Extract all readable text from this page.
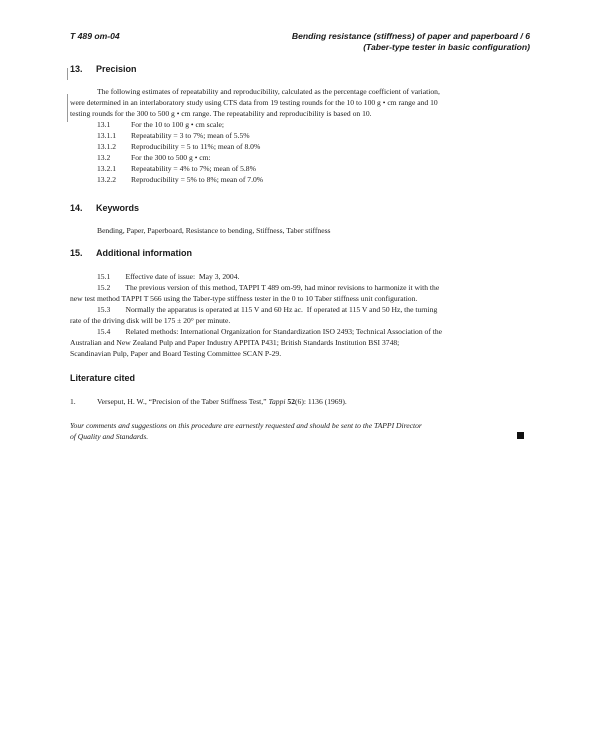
T 489 om-04	Bending resistance (stiffness) of paper and paperboard / 6
(Taber-type tester in basic configuration)
13. Precision
The following estimates of repeatability and reproducibility, calculated as the percentage coefficient of variation,
were determined in an interlaboratory study using CTS data from 19 testing rounds for the 10 to 100 g • cm range and 10
testing rounds for the 300 to 500 g • cm range. The repeatability and reproducibility is based on 10.
13.1	For the 10 to 100 g • cm scale;
13.1.1 Repeatability = 3 to 7%; mean of 5.5%
13.1.2 Reproducibility = 5 to 11%; mean of 8.0%
13.2	For the 300 to 500 g • cm:
13.2.1 Repeatability = 4% to 7%; mean of 5.8%
13.2.2 Reproducibility = 5% to 8%; mean of 7.0%
14. Keywords
Bending, Paper, Paperboard, Resistance to bending, Stiffness, Taber stiffness
15. Additional information
15.1        Effective date of issue:  May 3, 2004.
15.2        The previous version of this method, TAPPI T 489 om-99, had minor revisions to harmonize it with the
new test method TAPPI T 566 using the Taber-type stiffness tester in the 0 to 10 Taber stiffness unit configuration.
15.3        Normally the apparatus is operated at 115 V and 60 Hz ac.  If operated at 115 V and 50 Hz, the turning
rate of the driving disk will be 175 ± 20° per minute.
15.4        Related methods: International Organization for Standardization ISO 2493; Technical Association of the
Australian and New Zealand Pulp and Paper Industry APPITA P431; British Standards Institution BSI 3748;
Scandinavian Pulp, Paper and Board Testing Committee SCAN P-29.
Literature cited
1.	Verseput, H. W., “Precision of the Taber Stiffness Test,” Tappi 52(6): 1136 (1969).
Your comments and suggestions on this procedure are earnestly requested and should be sent to the TAPPI Director
of Quality and Standards.
